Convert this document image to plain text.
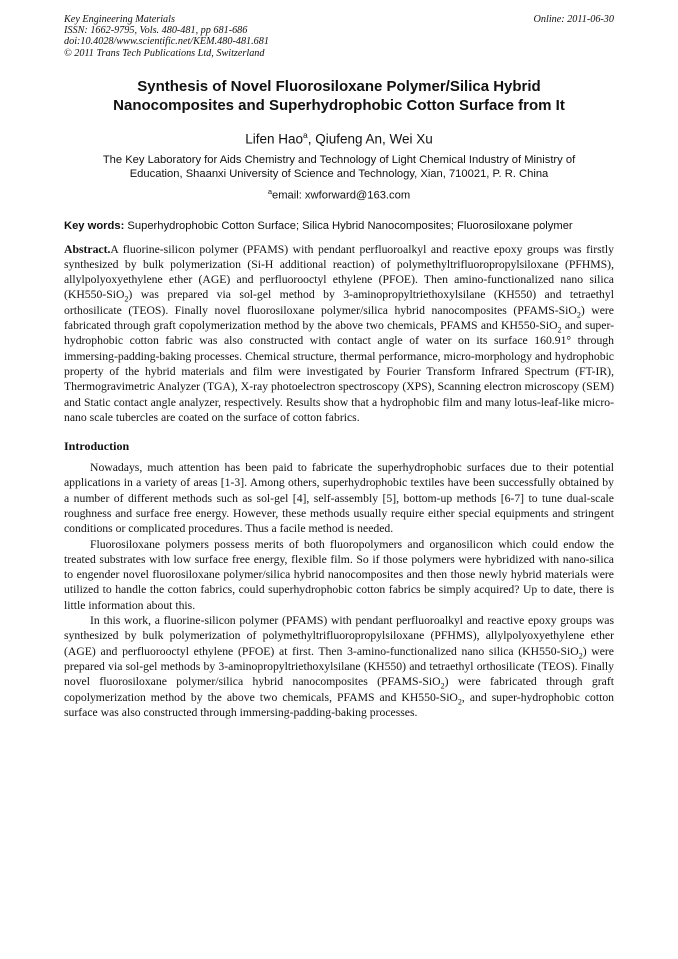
Key Engineering Materials
ISSN: 1662-9795, Vols. 480-481, pp 681-686
doi:10.4028/www.scientific.net/KEM.480-481.681
© 2011 Trans Tech Publications Ltd, Switzerland
Online: 2011-06-30
Synthesis of Novel Fluorosiloxane Polymer/Silica Hybrid
Nanocomposites and Superhydrophobic Cotton Surface from It
Lifen Hao$^a$, Qiufeng An, Wei Xu
The Key Laboratory for Aids Chemistry and Technology of Light Chemical Industry of Ministry of
Education, Shaanxi University of Science and Technology, Xian, 710021, P. R. China
$^a$email: xwforward@163.com
Key words: Superhydrophobic Cotton Surface; Silica Hybrid Nanocomposites; Fluorosiloxane polymer
Abstract.A fluorine-silicon polymer (PFAMS) with pendant perfluoroalkyl and reactive epoxy groups was firstly synthesized by bulk polymerization (Si-H additional reaction) of polymethyltrifluoropropylsiloxane (PFHMS), allylpolyoxyethylene ether (AGE) and perfluorooctyl ethylene (PFOE). Then amino-functionalized nano silica (KH550-SiO$_2$) was prepared via sol-gel method by 3-aminopropyltriethoxylsilane (KH550) and tetraethyl orthosilicate (TEOS). Finally novel fluorosiloxane polymer/silica hybrid nanocomposites (PFAMS-SiO$_2$) were fabricated through graft copolymerization method by the above two chemicals, PFAMS and KH550-SiO$_2$ and super-hydrophobic cotton fabric was also constructed with contact angle of water on its surface 160.91° through immersing-padding-baking processes. Chemical structure, thermal performance, micro-morphology and hydrophobic property of the hybrid materials and film were investigated by Fourier Transform Infrared Spectrum (FT-IR), Thermogravimetric Analyzer (TGA), X-ray photoelectron spectroscopy (XPS), Scanning electron microscopy (SEM) and Static contact angle analyzer, respectively. Results show that a hydrophobic film and many lotus-leaf-like micro-nano scale tubercles are coated on the surface of cotton fabrics.
Introduction

Nowadays, much attention has been paid to fabricate the superhydrophobic surfaces due to their potential applications in a variety of areas [1-3]. Among others, superhydrophobic textiles have been successfully obtained by a number of different methods such as sol-gel [4], self-assembly [5], bottom-up methods [6-7] to tune dual-scale roughness and surface free energy. However, these methods usually require either special equipments and stringent conditions or complicated procedures. Thus a facile method is needed.

Fluorosiloxane polymers possess merits of both fluoropolymers and organosilicon which could endow the treated substrates with low surface free energy, flexible film. So if those polymers were hybridized with nano-silica to engender novel fluorosiloxane polymer/silica hybrid nanocomposites and then those newly hybrid materials were utilized to handle the cotton fabrics, could superhydrophobic cotton fabrics be simply acquired? Up to date, there is little information about this.

In this work, a fluorine-silicon polymer (PFAMS) with pendant perfluoroalkyl and reactive epoxy groups was synthesized by bulk polymerization of polymethyltrifluoropropylsiloxane (PFHMS), allylpolyoxyethylene ether (AGE) and perfluorooctyl ethylene (PFOE) at first. Then 3-amino-functionalized nano silica (KH550-SiO$_2$) were prepared via sol-gel methods by 3-aminopropyltriethoxylsilane (KH550) and tetraethyl orthosilicate (TEOS). Finally novel fluorosiloxane polymer/silica hybrid nanocomposites (PFAMS-SiO$_2$) were fabricated through graft copolymerization method by the above two chemicals, PFAMS and KH550-SiO$_2$, and super-hydrophobic cotton surface was also constructed through immersing-padding-baking processes.
